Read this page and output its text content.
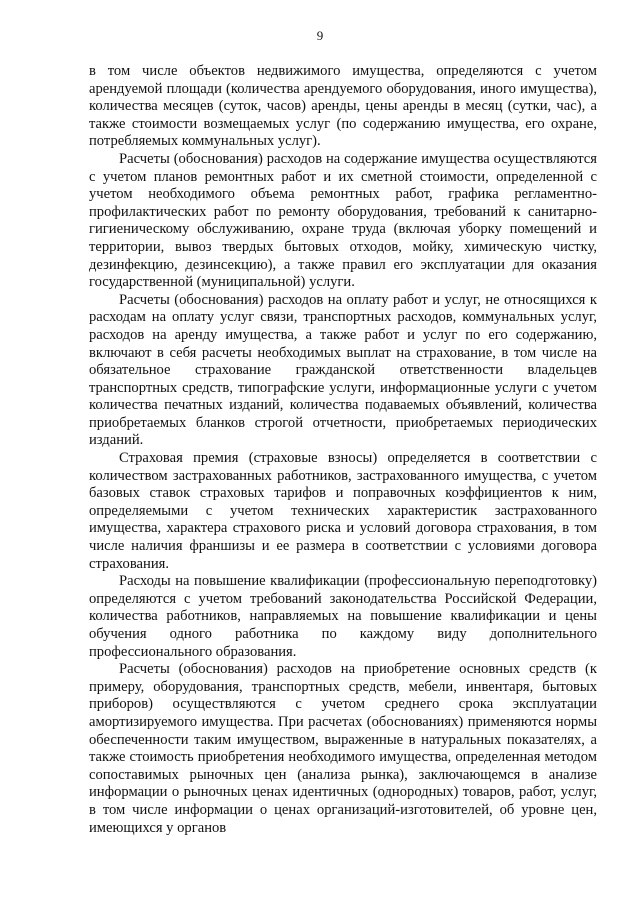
9

в том числе объектов недвижимого имущества, определяются с учетом арендуемой площади (количества арендуемого оборудования, иного имущества), количества месяцев (суток, часов) аренды, цены аренды в месяц (сутки, час), а также стоимости возмещаемых услуг (по содержанию имущества, его охране, потребляемых коммунальных услуг).

Расчеты (обоснования) расходов на содержание имущества осуществляются с учетом планов ремонтных работ и их сметной стоимости, определенной с учетом необходимого объема ремонтных работ, графика регламентно-профилактических работ по ремонту оборудования, требований к санитарно-гигиеническому обслуживанию, охране труда (включая уборку помещений и территории, вывоз твердых бытовых отходов, мойку, химическую чистку, дезинфекцию, дезинсекцию), а также правил его эксплуатации для оказания государственной (муниципальной) услуги.

Расчеты (обоснования) расходов на оплату работ и услуг, не относящихся к расходам на оплату услуг связи, транспортных расходов, коммунальных услуг, расходов на аренду имущества, а также работ и услуг по его содержанию, включают в себя расчеты необходимых выплат на страхование, в том числе на обязательное страхование гражданской ответственности владельцев транспортных средств, типографские услуги, информационные услуги с учетом количества печатных изданий, количества подаваемых объявлений, количества приобретаемых бланков строгой отчетности, приобретаемых периодических изданий.

Страховая премия (страховые взносы) определяется в соответствии с количеством застрахованных работников, застрахованного имущества, с учетом базовых ставок страховых тарифов и поправочных коэффициентов к ним, определяемыми с учетом технических характеристик застрахованного имущества, характера страхового риска и условий договора страхования, в том числе наличия франшизы и ее размера в соответствии с условиями договора страхования.

Расходы на повышение квалификации (профессиональную переподготовку) определяются с учетом требований законодательства Российской Федерации, количества работников, направляемых на повышение квалификации и цены обучения одного работника по каждому виду дополнительного профессионального образования.

Расчеты (обоснования) расходов на приобретение основных средств (к примеру, оборудования, транспортных средств, мебели, инвентаря, бытовых приборов) осуществляются с учетом среднего срока эксплуатации амортизируемого имущества. При расчетах (обоснованиях) применяются нормы обеспеченности таким имуществом, выраженные в натуральных показателях, а также стоимость приобретения необходимого имущества, определенная методом сопоставимых рыночных цен (анализа рынка), заключающемся в анализе информации о рыночных ценах идентичных (однородных) товаров, работ, услуг, в том числе информации о ценах организаций-изготовителей, об уровне цен, имеющихся у органов
